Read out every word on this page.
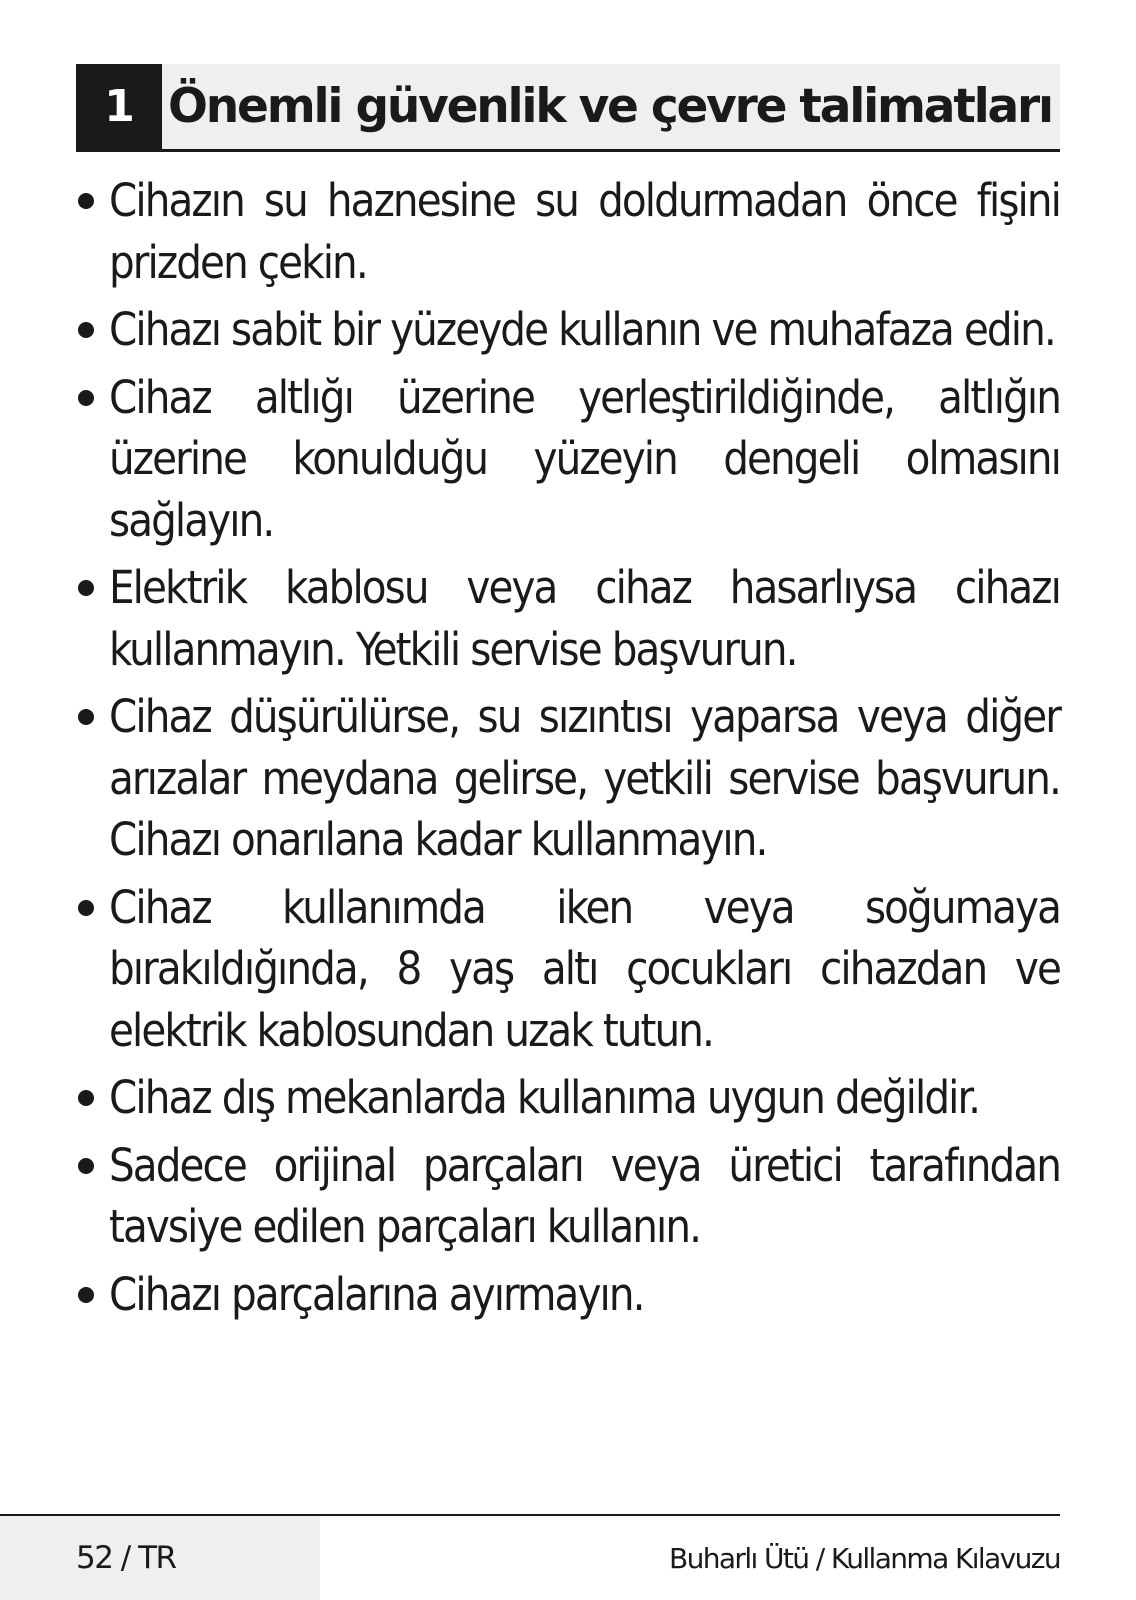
1 Önemli güvenlik ve çevre talimatları
Cihazın su haznesine su doldurmadan önce fişini prizden çekin.
Cihazı sabit bir yüzeyde kullanın ve muhafaza edin.
Cihaz altlığı üzerine yerleştirildiğinde, altlığın üzerine konulduğu yüzeyin dengeli olmasını sağlayın.
Elektrik kablosu veya cihaz hasarlıysa cihazı kullanmayın. Yetkili servise başvurun.
Cihaz düşürülürse, su sızıntısı yaparsa veya diğer arızalar meydana gelirse, yetkili servise başvurun. Cihazı onarılana kadar kullanmayın.
Cihaz kullanımda iken veya soğumaya bırakıldığında, 8 yaş altı çocukları cihazdan ve elektrik kablosundan uzak tutun.
Cihaz dış mekanlarda kullanıma uygun değildir.
Sadece orijinal parçaları veya üretici tarafından tavsiye edilen parçaları kullanın.
Cihazı parçalarına ayırmayın.
52 / TR	Buharlı Ütü / Kullanma Kılavuzu
